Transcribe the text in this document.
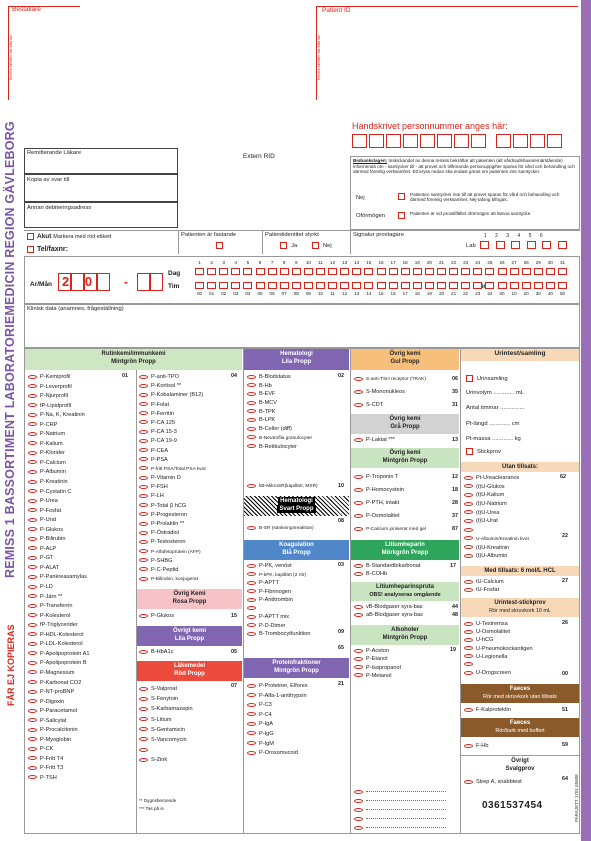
Beställare	Patient ID
Remiss etiketter ska sitta här	Remiss etiketter ska sitta här
PARAJETT 1701 65608
REMISS 1 BASSORTIMENT LABORATORIEMEDICIN REGION GÄVLEBORG
FÅR EJ KOPIERAS
Handskrivet personnummer anges här:
Remitterande Läkare	Extern RID
Kopia av svar till
Annan debiteringsadress
Biobankslagen: Inskickandet av denna remiss bekräftar att patienten (alt vårdnadshavare/närstående) informerats om - samtycker till - att provet och tillhörande personuppgifter sparas för vård och behandling och därmed förenlig verksamhet. Ett kryss nedan ska endast göras om patienten inte samtycker.
Nej
Patienten samtycker inte till att provet sparas för vård och behandling och därmed förenlig verksamhet. Nej-talong bifogas.
Oförmögen	Patienten är vid provtillfället oförmögen att lämna samtycke.
Akut Markera med röd etikett
Tel/faxnr:
Patienten är fastande	Patientidentitet styrkt
Ja	Nej
Signatur provtagare	1 2 3 4 5 6
Lab
Ar/Mån 2 0 -
Dag
Tim
1	2	3	4	5	6	7	8	9	10	11	12	13	14	15	16	17	18	19	20	21	22	23	24	25	26	27	28	29	30	31
00	01	02	03	04	05	06	07	08	09	10	11	12	13	14	15	16	17	18	19	20	21	22	23	24	00	10	20	30	40	50
Klinisk data (anamnes, frågeställning)
Rutinkemi/immunkemi
Mintgrön Propp
01
P-Kemiprofil
P-Leverprofil
P-Njurprofil
fP-Lipidprofil
P-Na, K, Kreatinin
P-CRP
P-Natrium
P-Kalium
P-Klorider
P-Calcium
P-Albumin
P-Kreatinin
P-Cystatin C
P-Urea
P-Fosfat
P-Urat
P-Glukos
P-Bilirubin
P-ALP
P-GT
P-ALAT
P-Pankreasamylas
P-LD
P-Järn **
P-Transferrin
P-Kolesterol
fP-Triglycerider
P-HDL-Kolesterol
P-LDL-Kolesterol
P-Apolipoprotein A1
P-Apolipoprotein B
P-Magnesium
P-Karbonat CO2
P-NT-proBNP
P-Digoxin
P-Paracetamol
P-Salicylat
P-Procalcitonin
P-Myoglobin
P-CK
P-Fritt T4
P-Fritt T3
P-TSH
04
P-anti-TPO
P-Kortisol **
P-Kobalaminer (B12)
P-Folat
P-Ferritin
P-CA 125
P-CA 15-3
P-CA 19-9
P-CEA
P-PSA
P-fritt PSA/Total PSA kvot
P-Vitamin D
P-FSH
P-LH
P-Total β hCG
P-Progesteron
P-Prolaktin **
P-Östradiol
P-Testosteron
P-Alfafetoprotein (AFP)
P-SHBG
P-C-Peptid
P-Bilirubin, konjugerat
Övrig Kemi
Rosa Propp
P-Glukos	15
Övrigt kemi
Lila Propp
B-HbA1c	05
Läkemedel
Röd Propp
07
S-Valproat
S-Fenytoin
S-Karbamazepin
S-Litium
S-Gentamicin
S-Vancomycin
S-Zink
** Dygnsberoende
*** Tas på is
Hematologi
Lila Propp
02
B-Blodstatus
B-Hb
B-EVF
B-MCV
B-TPK
B-LPK
B-Celler (diff)
B-Neutrofila granulocyter
B-Retikulocyter
kB-MikroSR(kapillärt, MSR)	10
Hematologi
Svart Propp
08
B-SR (sänkningsreaktion)
Koagulation
Blå Propp
03
P-PK, venöst
P-kPK, kapillärt (2 rör)
P-APTT
P-Fibrinogen
P-Antitrombin
P-APTT mix
P-D-Dimer
B-Trombocytfunktion	09
65
Proteinfraktioner
Mintgrön Propp
21
P-Proteiner, Elfores
P-Alfa-1-antitrypsin
P-C3
P-C4
P-IgA
P-IgG
P-IgM
P-Orosomucoid
Övrig kemi
Gul Propp
S-anti-TSH receptor (TRAK)	06
S-Mononukleos	35
S-CDT	31
Övrig kemi
Grå Propp
P-Laktat ***	13
Övrig kemi
Mintgrön Propp
P-Troponin T	12
P-Homocystein	18
P-PTH, intakt	28
P-Osmolalitet	37
P-Calcium joniserat med gel	87
Litiumheparin
Mörkgrön Propp
B-Standardbikarbonat
B-COHb
17
Litiumheparinspruta
OBS! analyseras omgående
vB-Blodgaser syra-bas	44
aB-Blodgaser syra-bas	48
Alkoholer
Mintgrön Propp
19
P-Aceton
P-Etanol
P-Isopropanol
P-Metanol
Urintest/samling
Urinsamling
Urinvolym ............. mL
Antal timmar ...............
Pt-längd ............. cm
Pt-massa ............. kg
Stickprov
Utan tillsats:
62
Pt-Ureaclearance
(t)U-Glukos
(t)U-Kalium
(t)U-Natrium
(t)U-Urea
(t)U-Urat
U-Albumin/Kreatinin kvot
(t)U-Kreatinin
(t)U-Albumin
22
Med tillsats: 6 mol/L HCL
27
tU-Calcium
tU-Fosfat
Urintest-stickprov
Rör med skruvkork 10 mL
26
U-Testremsa
U-Osmolalitet
U-hCG
U-Pneumokockantigen
U-Legionella
U-Drogscreen	00
Faeces
Rör med skruvkork utan tillsats
51
F-Kalprotektin
Faeces
Rör/burk med buffert
59
F-Hb
Övrigt
Svalgprov
64
Strep A, snabbtest
0361537454
